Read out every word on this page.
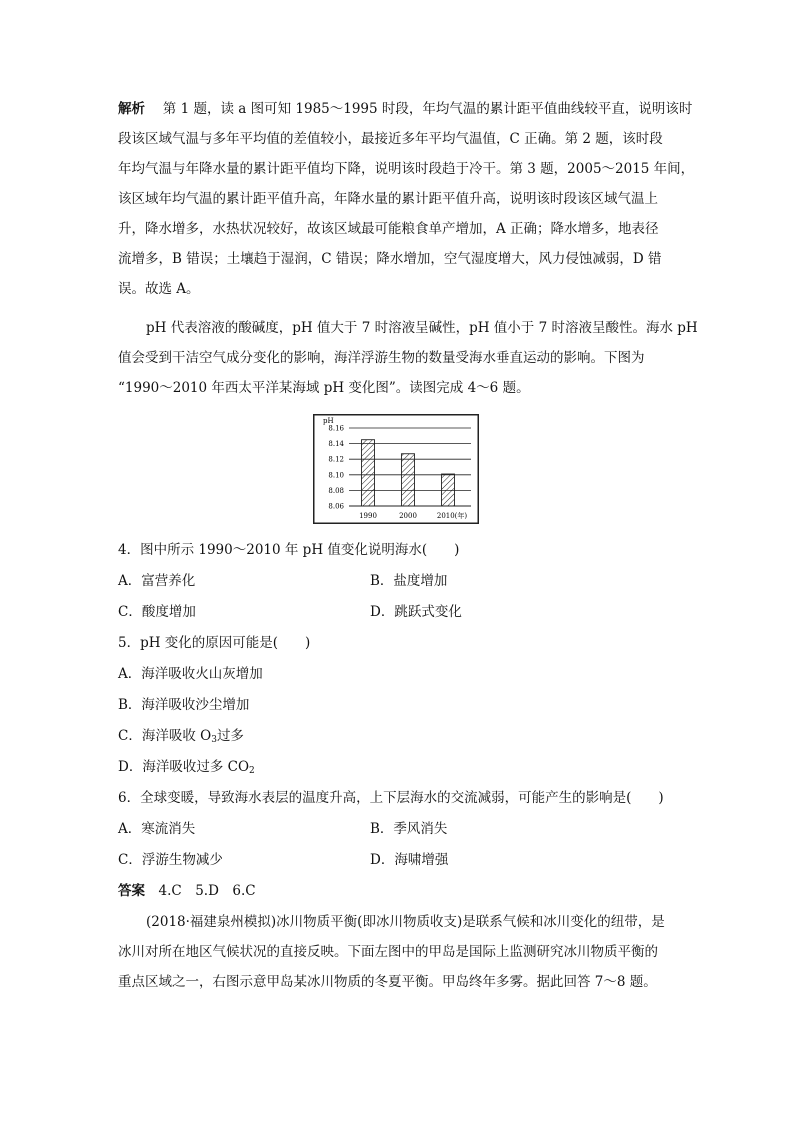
解析　 第 1 题，读 a 图可知 1985～1995 时段，年均气温的累计距平值曲线较平直，说明该时
段该区域气温与多年平均值的差值较小，最接近多年平均气温值，C 正确。第 2 题，该时段
年均气温与年降水量的累计距平值均下降，说明该时段趋于冷干。第 3 题，2005～2015 年间，
该区域年均气温的累计距平值升高，年降水量的累计距平值升高，说明该时段该区域气温上
升，降水增多，水热状况较好，故该区域最可能粮食单产增加，A 正确；降水增多，地表径
流增多，B 错误；土壤趋于湿润，C 错误；降水增加，空气湿度增大，风力侵蚀减弱，D 错
误。故选 A。
pH 代表溶液的酸碱度，pH 值大于 7 时溶液呈碱性，pH 值小于 7 时溶液呈酸性。海水 pH
值会受到干洁空气成分变化的影响，海洋浮游生物的数量受海水垂直运动的影响。下图为
“1990～2010 年西太平洋某海域 pH 变化图”。读图完成 4～6 题。
pH
8.16
8.14
8.12
8.10
8.08
8.06
1990	2000	2010(年)
4．图中所示 1990～2010 年 pH 值变化说明海水(　　)
A．富营养化	B．盐度增加
C．酸度增加	D．跳跃式变化
5．pH 变化的原因可能是(　　)
A．海洋吸收火山灰增加
B．海洋吸收沙尘增加
C．海洋吸收 $O_3$过多
D．海洋吸收过多 $CO_2$
6．全球变暖，导致海水表层的温度升高，上下层海水的交流减弱，可能产生的影响是(　　)
A．寒流消失	B．季风消失
C．浮游生物减少	D．海啸增强
答案　 4.C　5.D　6.C
(2018·福建泉州模拟)冰川物质平衡(即冰川物质收支)是联系气候和冰川变化的纽带，是
冰川对所在地区气候状况的直接反映。下面左图中的甲岛是国际上监测研究冰川物质平衡的
重点区域之一，右图示意甲岛某冰川物质的冬夏平衡。甲岛终年多雾。据此回答 7～8 题。
